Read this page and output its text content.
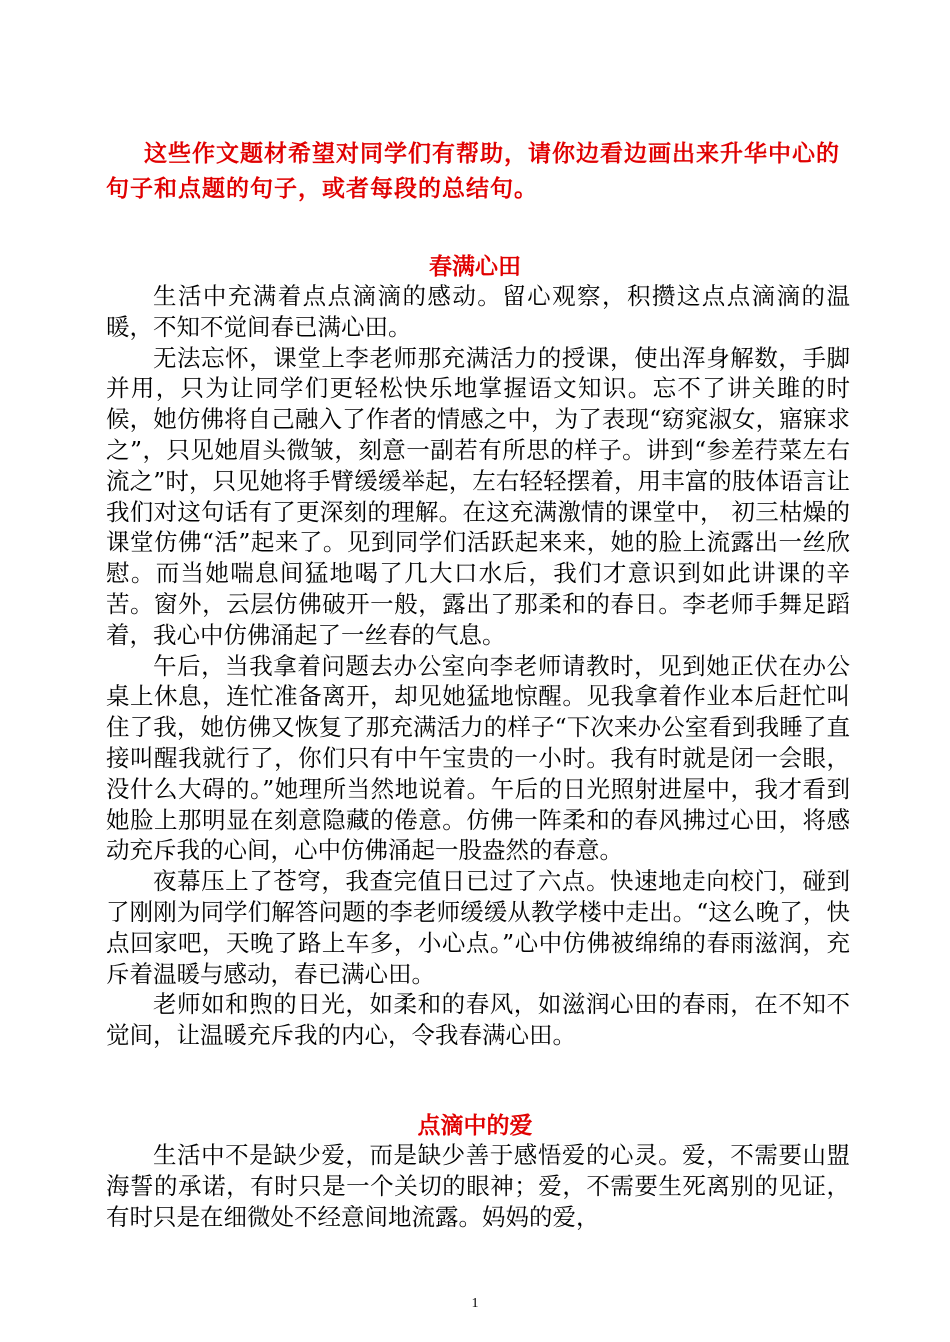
这些作文题材希望对同学们有帮助，请你边看边画出来升华中心的句子和点题的句子，或者每段的总结句。

春满心田

生活中充满着点点滴滴的感动。留心观察，积攒这点点滴滴的温暖，不知不觉间春已满心田。

无法忘怀，课堂上李老师那充满活力的授课，使出浑身解数，手脚并用，只为让同学们更轻松快乐地掌握语文知识。忘不了讲关雎的时候，她仿佛将自己融入了作者的情感之中，为了表现“窈窕淑女，寤寐求之”，只见她眉头微皱，刻意一副若有所思的样子。讲到“参差荇菜左右流之”时，只见她将手臂缓缓举起，左右轻轻摆着，用丰富的肢体语言让我们对这句话有了更深刻的理解。在这充满激情的课堂中， 初三枯燥的课堂仿佛“活”起来了。见到同学们活跃起来来，她的脸上流露出一丝欣慰。而当她喘息间猛地喝了几大口水后，我们才意识到如此讲课的辛苦。窗外，云层仿佛破开一般，露出了那柔和的春日。李老师手舞足蹈着，我心中仿佛涌起了一丝春的气息。

午后，当我拿着问题去办公室向李老师请教时，见到她正伏在办公桌上休息，连忙准备离开，却见她猛地惊醒。见我拿着作业本后赶忙叫住了我，她仿佛又恢复了那充满活力的样子“下次来办公室看到我睡了直接叫醒我就行了，你们只有中午宝贵的一小时。我有时就是闭一会眼，没什么大碍的。”她理所当然地说着。午后的日光照射进屋中，我才看到她脸上那明显在刻意隐藏的倦意。仿佛一阵柔和的春风拂过心田，将感动充斥我的心间，心中仿佛涌起一股盎然的春意。

夜幕压上了苍穹，我查完值日已过了六点。快速地走向校门，碰到了刚刚为同学们解答问题的李老师缓缓从教学楼中走出。“这么晚了，快点回家吧，天晚了路上车多，小心点。”心中仿佛被绵绵的春雨滋润，充斥着温暖与感动，春已满心田。

老师如和煦的日光，如柔和的春风，如滋润心田的春雨，在不知不觉间，让温暖充斥我的内心，令我春满心田。

点滴中的爱

生活中不是缺少爱，而是缺少善于感悟爱的心灵。爱，不需要山盟海誓的承诺，有时只是一个关切的眼神；爱，不需要生死离别的见证，有时只是在细微处不经意间地流露。妈妈的爱，

1
